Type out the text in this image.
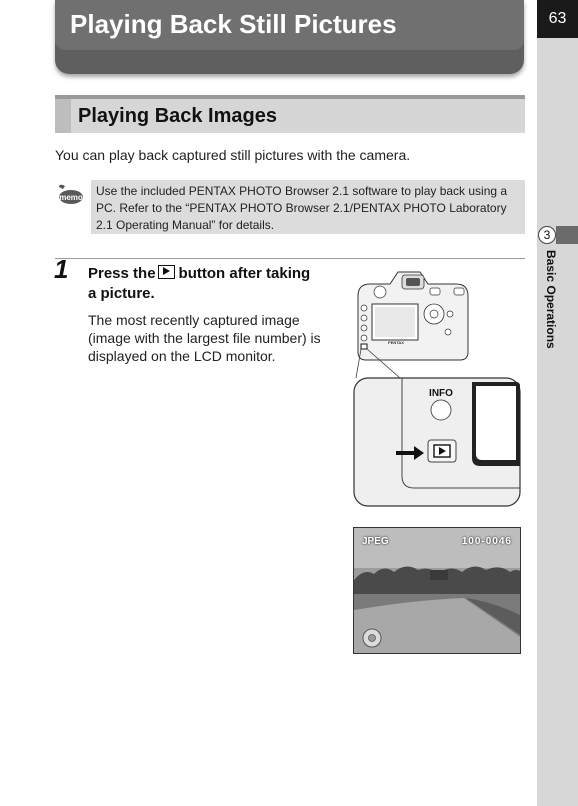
63
3
Basic Operations
Playing Back Still Pictures
Playing Back Images
You can play back captured still pictures with the camera.
memo Use the included PENTAX PHOTO Browser 2.1 software to play back using a PC. Refer to the “PENTAX PHOTO Browser 2.1/PENTAX PHOTO Laboratory 2.1 Operating Manual” for details.
1 Press the button after taking a picture.
The most recently captured image (image with the largest file number) is displayed on the LCD monitor.
PENTAX
INFO
JPEG	100-0046
